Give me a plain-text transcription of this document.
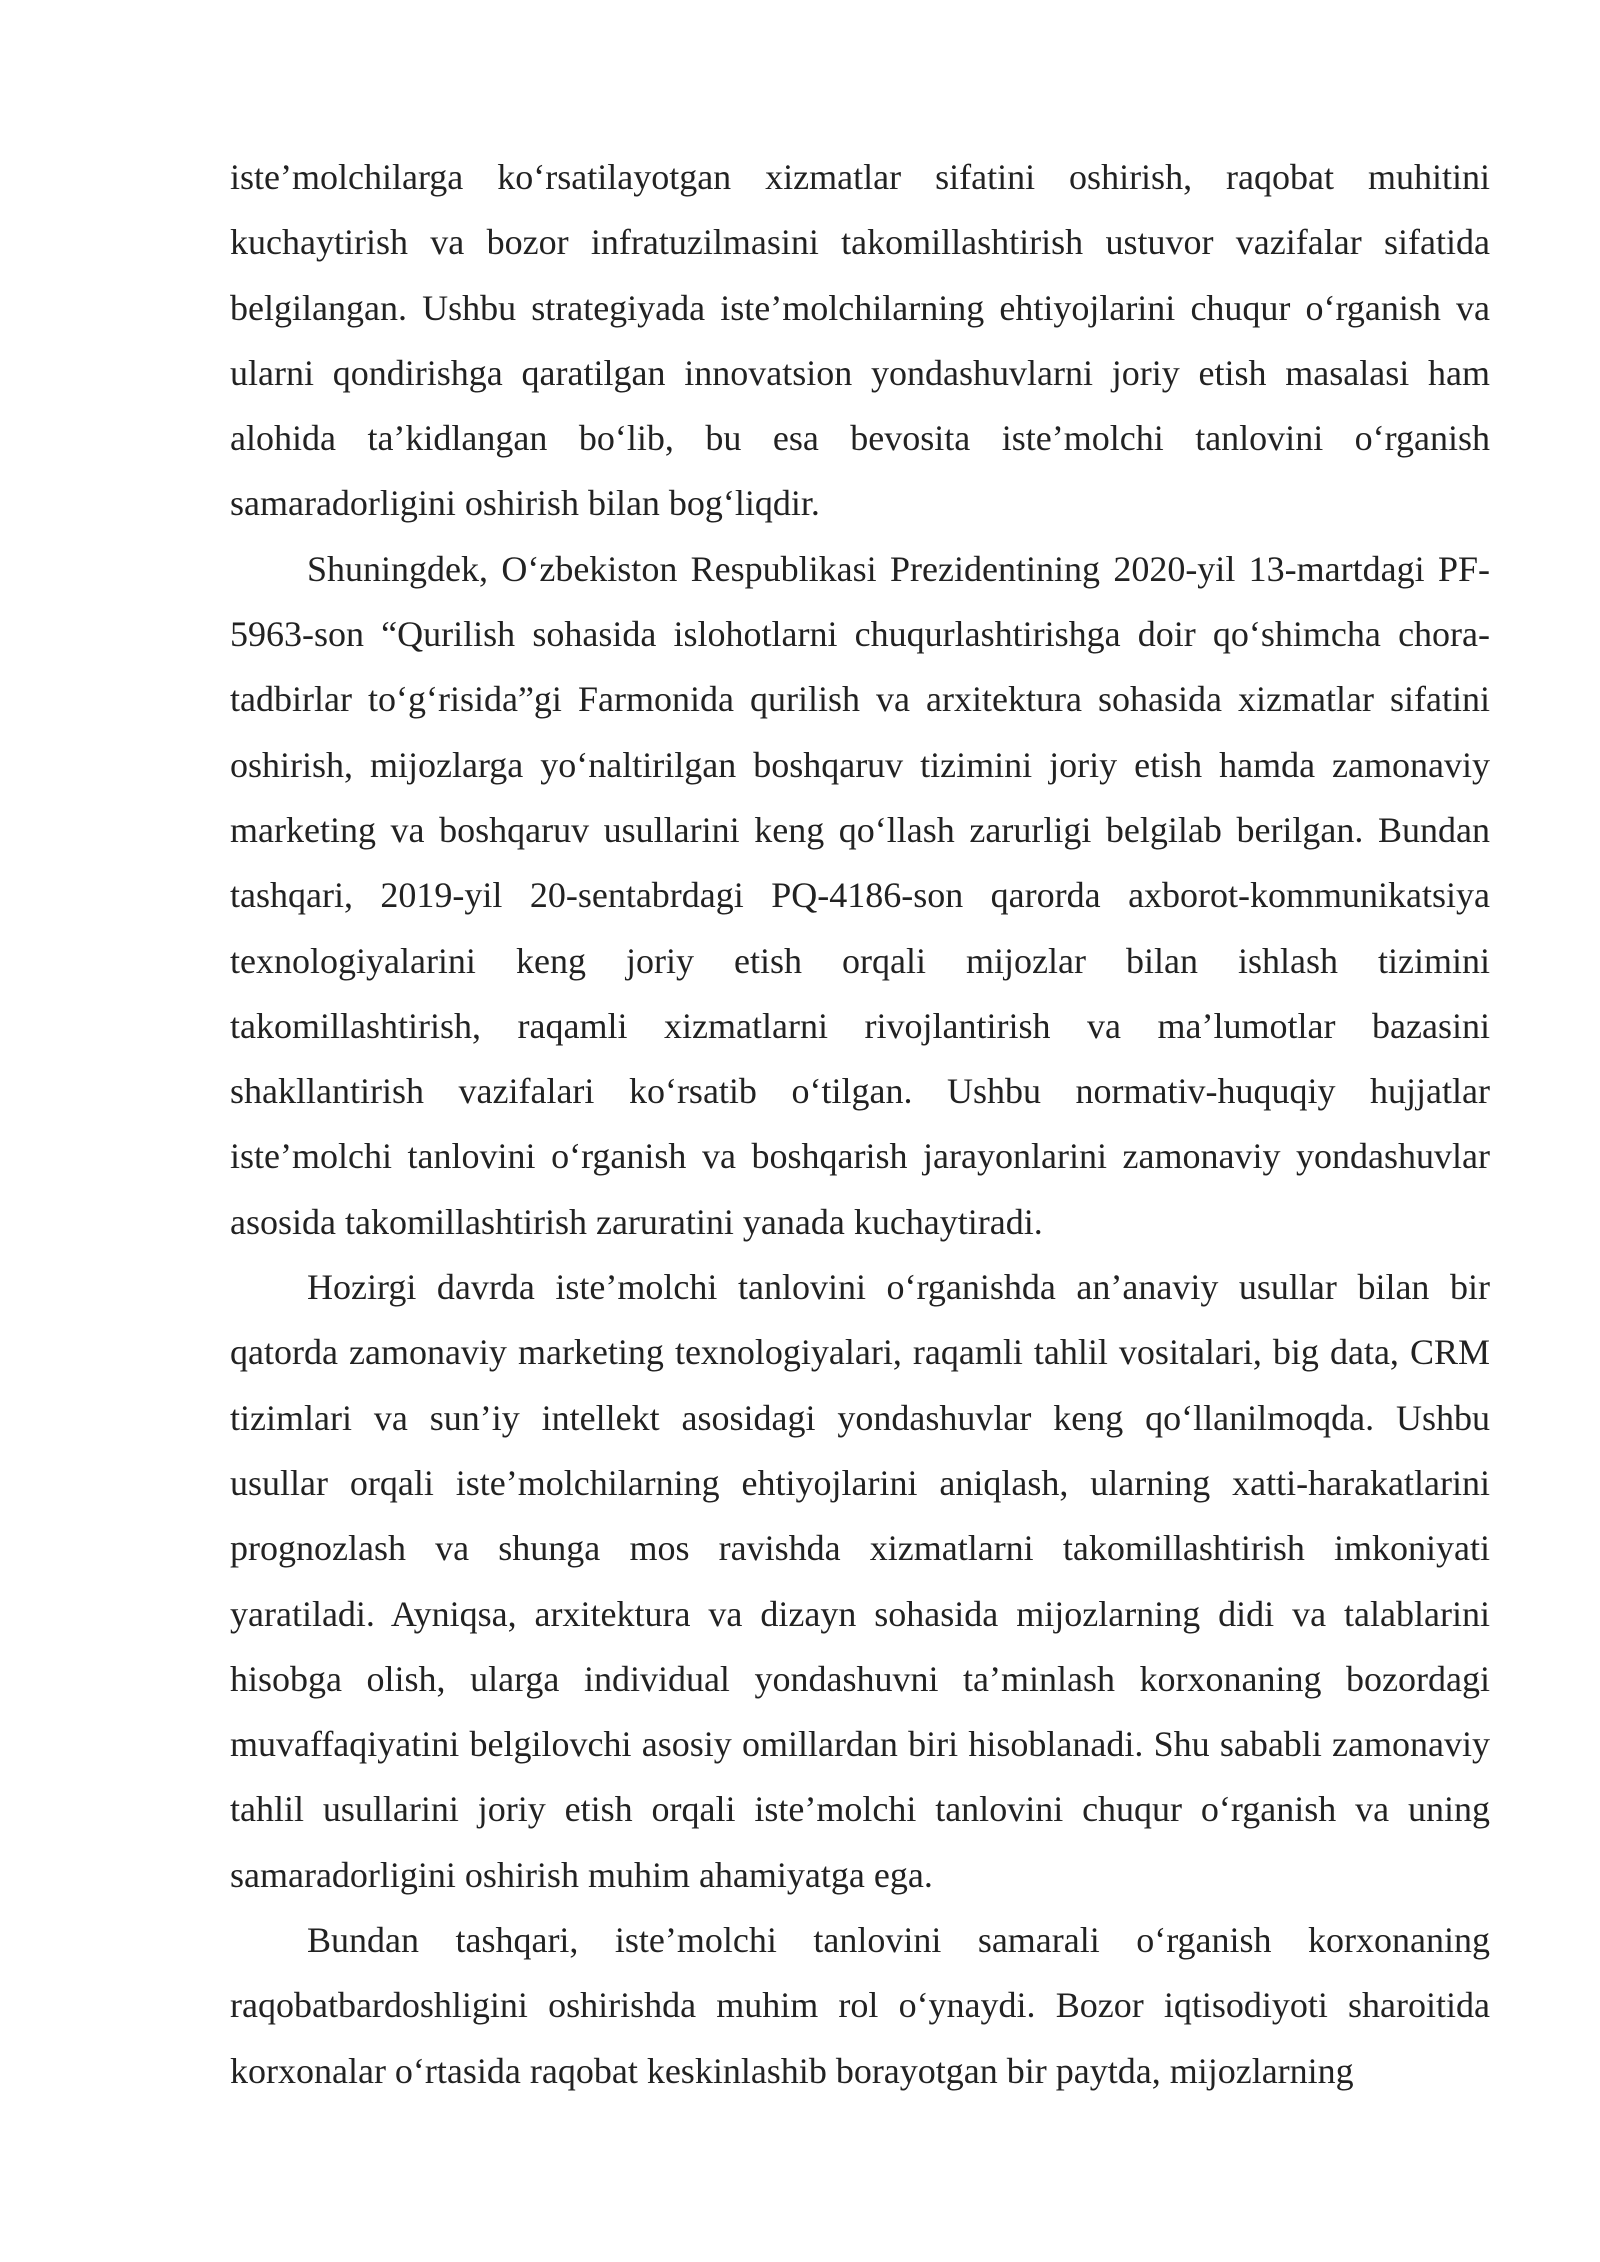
iste’molchilarga ko‘rsatilayotgan xizmatlar sifatini oshirish, raqobat muhitini kuchaytirish va bozor infratuzilmasini takomillashtirish ustuvor vazifalar sifatida belgilangan. Ushbu strategiyada iste’molchilarning ehtiyojlarini chuqur o‘rganish va ularni qondirishga qaratilgan innovatsion yondashuvlarni joriy etish masalasi ham alohida ta’kidlangan bo‘lib, bu esa bevosita iste’molchi tanlovini o‘rganish samaradorligini oshirish bilan bog‘liqdir.

Shuningdek, O‘zbekiston Respublikasi Prezidentining 2020-yil 13-martdagi PF-5963-son “Qurilish sohasida islohotlarni chuqurlashtirishga doir qo‘shimcha chora-tadbirlar to‘g‘risida”gi Farmonida qurilish va arxitektura sohasida xizmatlar sifatini oshirish, mijozlarga yo‘naltirilgan boshqaruv tizimini joriy etish hamda zamonaviy marketing va boshqaruv usullarini keng qo‘llash zarurligi belgilab berilgan. Bundan tashqari, 2019-yil 20-sentabrdagi PQ-4186-son qarorda axborot-kommunikatsiya texnologiyalarini keng joriy etish orqali mijozlar bilan ishlash tizimini takomillashtirish, raqamli xizmatlarni rivojlantirish va ma’lumotlar bazasini shakllantirish vazifalari ko‘rsatib o‘tilgan. Ushbu normativ-huquqiy hujjatlar iste’molchi tanlovini o‘rganish va boshqarish jarayonlarini zamonaviy yondashuvlar asosida takomillashtirish zaruratini yanada kuchaytiradi.

Hozirgi davrda iste’molchi tanlovini o‘rganishda an’anaviy usullar bilan bir qatorda zamonaviy marketing texnologiyalari, raqamli tahlil vositalari, big data, CRM tizimlari va sun’iy intellekt asosidagi yondashuvlar keng qo‘llanilmoqda. Ushbu usullar orqali iste’molchilarning ehtiyojlarini aniqlash, ularning xatti-harakatlarini prognozlash va shunga mos ravishda xizmatlarni takomillashtirish imkoniyati yaratiladi. Ayniqsa, arxitektura va dizayn sohasida mijozlarning didi va talablarini hisobga olish, ularga individual yondashuvni ta’minlash korxonaning bozordagi muvaffaqiyatini belgilovchi asosiy omillardan biri hisoblanadi. Shu sababli zamonaviy tahlil usullarini joriy etish orqali iste’molchi tanlovini chuqur o‘rganish va uning samaradorligini oshirish muhim ahamiyatga ega.

Bundan tashqari, iste’molchi tanlovini samarali o‘rganish korxonaning raqobatbardoshligini oshirishda muhim rol o‘ynaydi. Bozor iqtisodiyoti sharoitida korxonalar o‘rtasida raqobat keskinlashib borayotgan bir paytda, mijozlarning
